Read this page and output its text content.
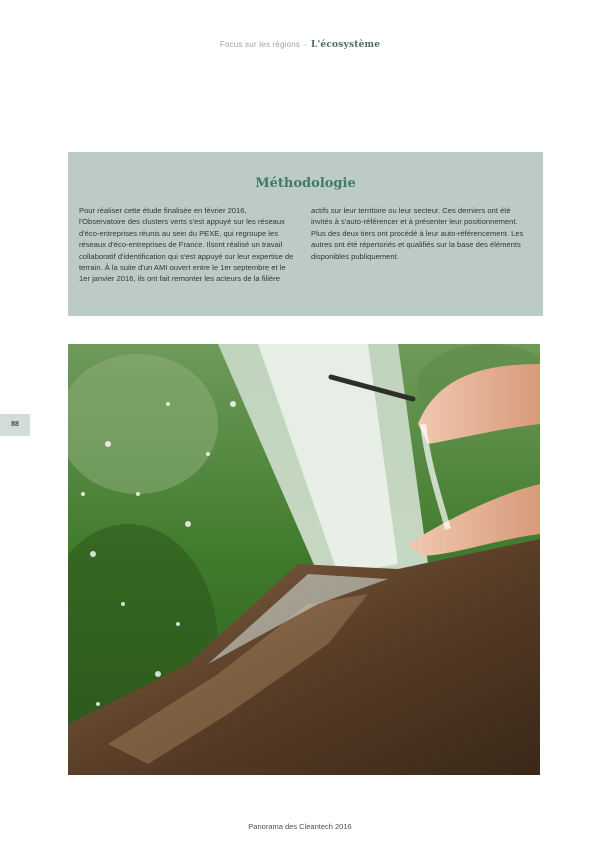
Focus sur les régions - L'écosystème
Méthodologie
Pour réaliser cette étude finalisée en février 2016, l'Observatoire des clusters verts s'est appuyé sur les réseaux d'éco-entreprises réunis au sein du PEXE, qui regroupe les réseaux d'éco-entreprises de France. Ilsont réalisé un travail collaboratif d'identification qui s'est appuyé sur leur expertise de terrain. À la suite d'un AMI ouvert entre le 1er septembre et le 1er janvier 2016, ils ont fait remonter les acteurs de la filière
actifs sur leur territoire ou leur secteur. Ces derniers ont été invités à s'auto-référencer et à présenter leur positionnement. Plus des deux tiers ont procédé à leur auto-référencement. Les autres ont été répertoriés et qualifiés sur la base des éléments disponibles publiquement.
88
Panorama des Cleantech 2016
